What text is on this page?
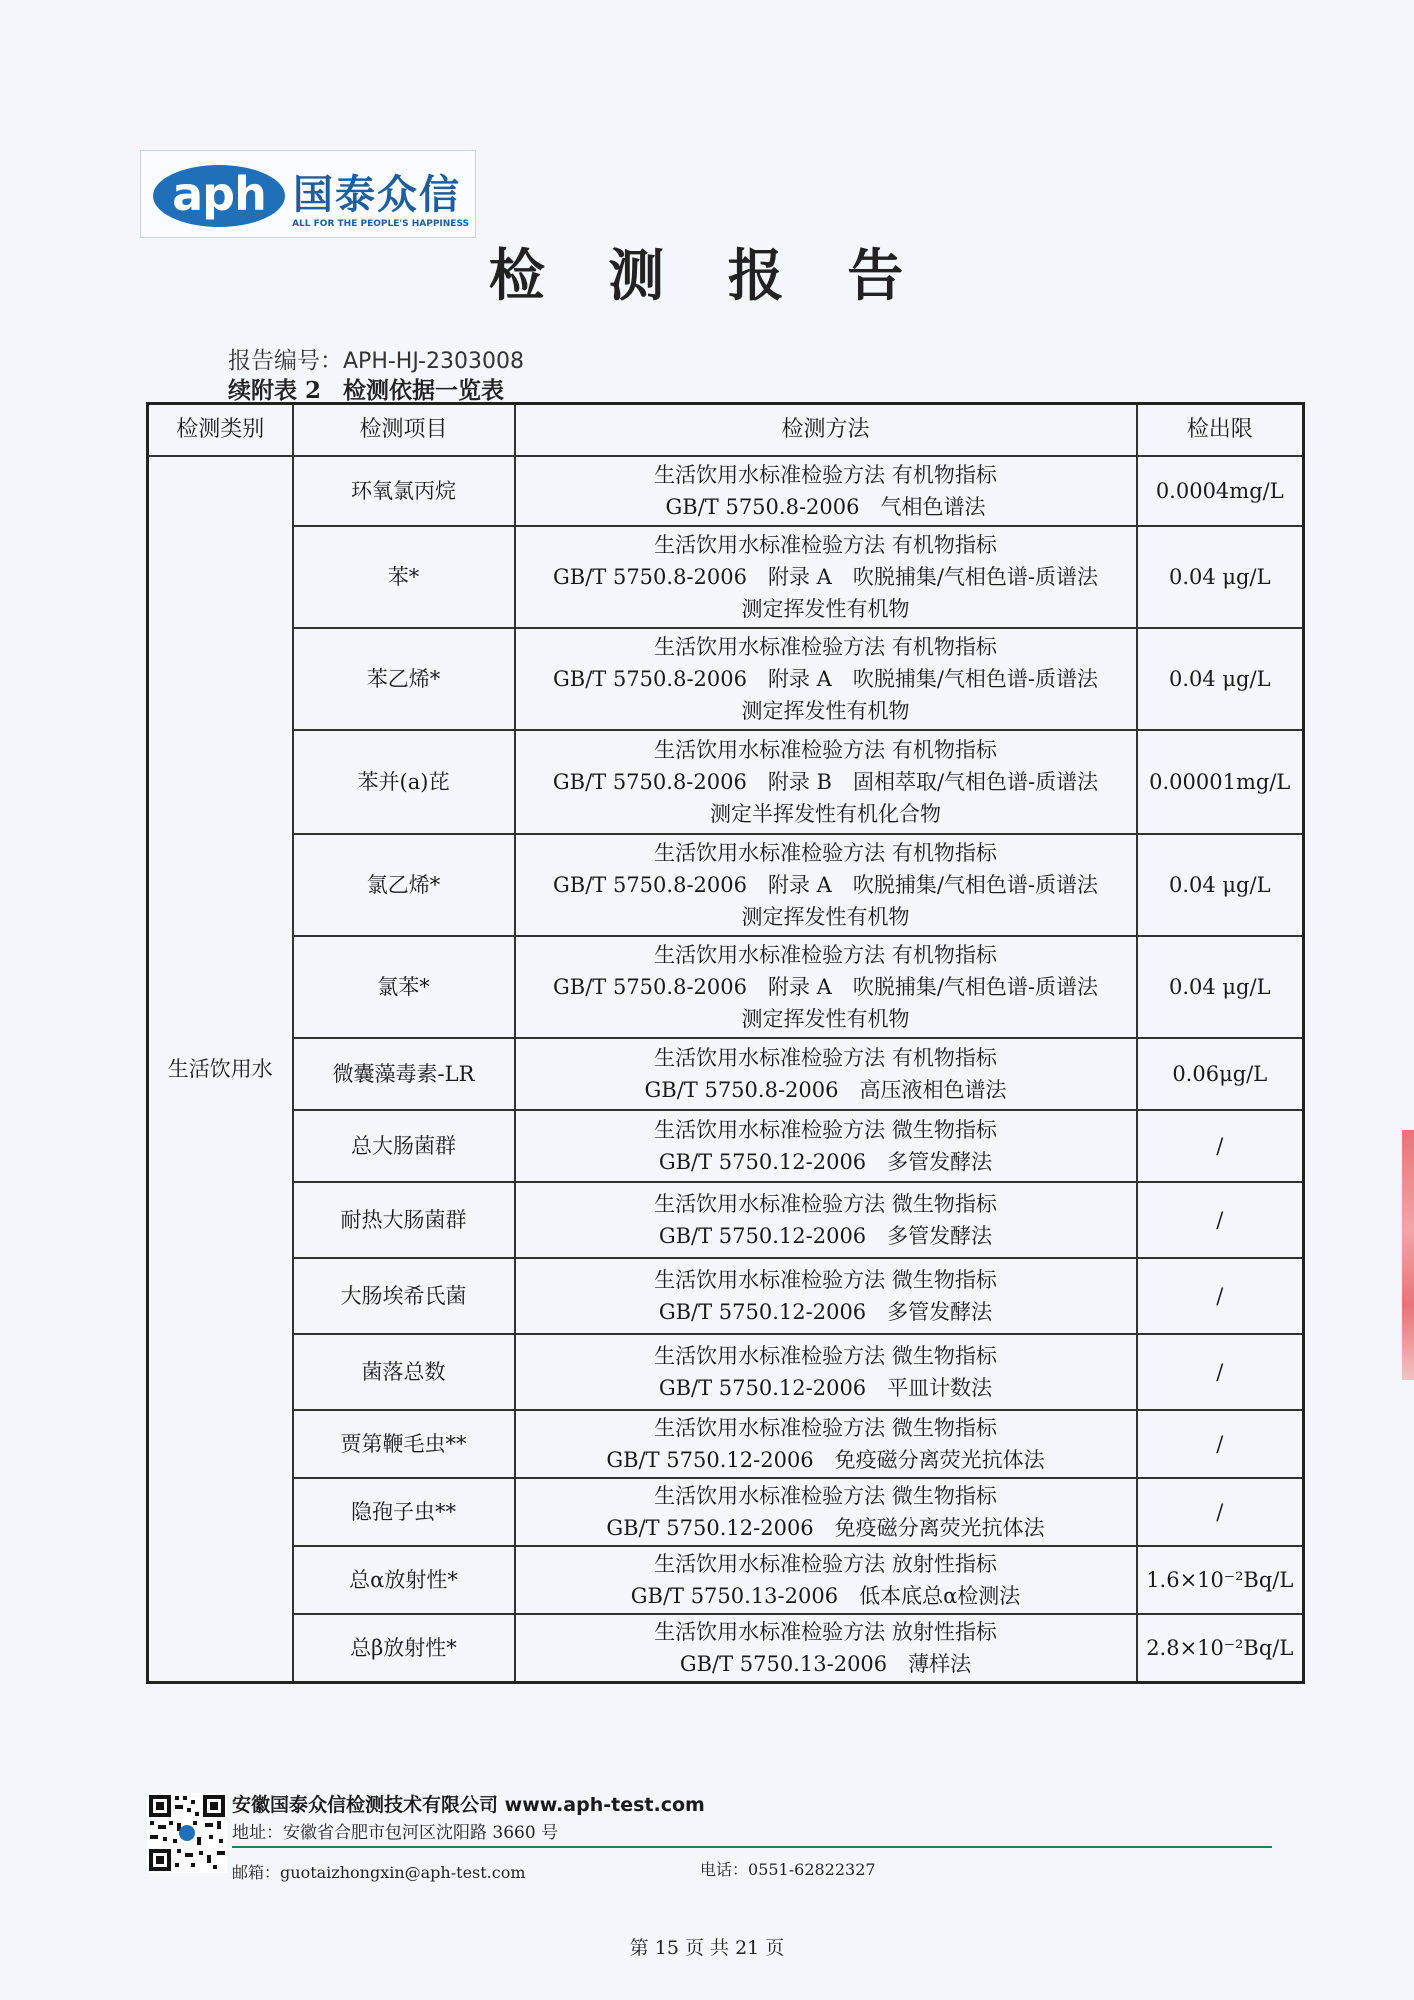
aph 国泰众信
ALL FOR THE PEOPLE'S HAPPINESS
检 测 报 告
报告编号：APH-HJ-2303008
续附表 2 检测依据一览表
检测类别	检测项目	检测方法	检出限
生活饮用水	环氧氯丙烷	生活饮用水标准检验方法 有机物指标
GB/T 5750.8-2006　气相色谱法	0.0004mg/L
	苯*	生活饮用水标准检验方法 有机物指标
GB/T 5750.8-2006　附录 A　吹脱捕集/气相色谱-质谱法
测定挥发性有机物	0.04 μg/L
	苯乙烯*	生活饮用水标准检验方法 有机物指标
GB/T 5750.8-2006　附录 A　吹脱捕集/气相色谱-质谱法
测定挥发性有机物	0.04 μg/L
	苯并(a)芘	生活饮用水标准检验方法 有机物指标
GB/T 5750.8-2006　附录 B　固相萃取/气相色谱-质谱法
测定半挥发性有机化合物	0.00001mg/L
	氯乙烯*	生活饮用水标准检验方法 有机物指标
GB/T 5750.8-2006　附录 A　吹脱捕集/气相色谱-质谱法
测定挥发性有机物	0.04 μg/L
	氯苯*	生活饮用水标准检验方法 有机物指标
GB/T 5750.8-2006　附录 A　吹脱捕集/气相色谱-质谱法
测定挥发性有机物	0.04 μg/L
	微囊藻毒素-LR	生活饮用水标准检验方法 有机物指标
GB/T 5750.8-2006　高压液相色谱法	0.06μg/L
	总大肠菌群	生活饮用水标准检验方法 微生物指标
GB/T 5750.12-2006　多管发酵法	/
	耐热大肠菌群	生活饮用水标准检验方法 微生物指标
GB/T 5750.12-2006　多管发酵法	/
	大肠埃希氏菌	生活饮用水标准检验方法 微生物指标
GB/T 5750.12-2006　多管发酵法	/
	菌落总数	生活饮用水标准检验方法 微生物指标
GB/T 5750.12-2006　平皿计数法	/
	贾第鞭毛虫**	生活饮用水标准检验方法 微生物指标
GB/T 5750.12-2006　免疫磁分离荧光抗体法	/
	隐孢子虫**	生活饮用水标准检验方法 微生物指标
GB/T 5750.12-2006　免疫磁分离荧光抗体法	/
	总α放射性*	生活饮用水标准检验方法 放射性指标
GB/T 5750.13-2006　低本底总α检测法	1.6×10⁻²Bq/L
	总β放射性*	生活饮用水标准检验方法 放射性指标
GB/T 5750.13-2006　薄样法	2.8×10⁻²Bq/L
安徽国泰众信检测技术有限公司 www.aph-test.com
地址：安徽省合肥市包河区沈阳路 3660 号
邮箱：guotaizhongxin@aph-test.com	电话：0551-62822327
第 15 页 共 21 页
